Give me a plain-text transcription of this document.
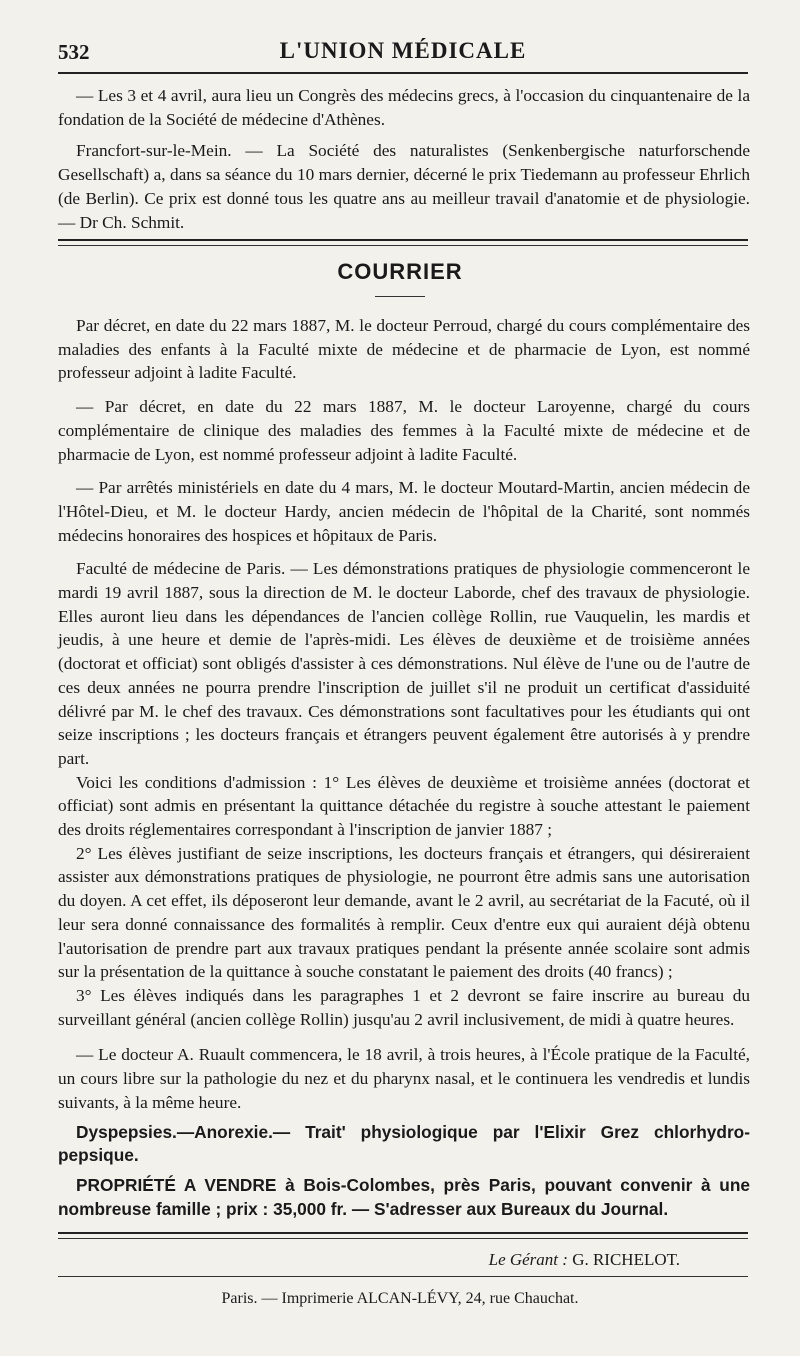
532	L'UNION MÉDICALE

— Les 3 et 4 avril, aura lieu un Congrès des médecins grecs, à l'occasion du cinquantenaire de la fondation de la Société de médecine d'Athènes.

Francfort-sur-le-Mein. — La Société des naturalistes (Senkenbergische naturforschende Gesellschaft) a, dans sa séance du 10 mars dernier, décerné le prix Tiedemann au professeur Ehrlich (de Berlin). Ce prix est donné tous les quatre ans au meilleur travail d'anatomie et de physiologie. — Dr Ch. Schmit.

COURRIER

Par décret, en date du 22 mars 1887, M. le docteur Perroud, chargé du cours complémentaire des maladies des enfants à la Faculté mixte de médecine et de pharmacie de Lyon, est nommé professeur adjoint à ladite Faculté.

— Par décret, en date du 22 mars 1887, M. le docteur Laroyenne, chargé du cours complémentaire de clinique des maladies des femmes à la Faculté mixte de médecine et de pharmacie de Lyon, est nommé professeur adjoint à ladite Faculté.

— Par arrêtés ministériels en date du 4 mars, M. le docteur Moutard-Martin, ancien médecin de l'Hôtel-Dieu, et M. le docteur Hardy, ancien médecin de l'hôpital de la Charité, sont nommés médecins honoraires des hospices et hôpitaux de Paris.

Faculté de médecine de Paris. — Les démonstrations pratiques de physiologie commenceront le mardi 19 avril 1887, sous la direction de M. le docteur Laborde, chef des travaux de physiologie. Elles auront lieu dans les dépendances de l'ancien collège Rollin, rue Vauquelin, les mardis et jeudis, à une heure et demie de l'après-midi. Les élèves de deuxième et de troisième années (doctorat et officiat) sont obligés d'assister à ces démonstrations. Nul élève de l'une ou de l'autre de ces deux années ne pourra prendre l'inscription de juillet s'il ne produit un certificat d'assiduité délivré par M. le chef des travaux. Ces démonstrations sont facultatives pour les étudiants qui ont seize inscriptions ; les docteurs français et étrangers peuvent également être autorisés à y prendre part.

Voici les conditions d'admission : 1° Les élèves de deuxième et troisième années (doctorat et officiat) sont admis en présentant la quittance détachée du registre à souche attestant le paiement des droits réglementaires correspondant à l'inscription de janvier 1887 ;

2° Les élèves justifiant de seize inscriptions, les docteurs français et étrangers, qui désireraient assister aux démonstrations pratiques de physiologie, ne pourront être admis sans une autorisation du doyen. A cet effet, ils déposeront leur demande, avant le 2 avril, au secrétariat de la Facuté, où il leur sera donné connaissance des formalités à remplir. Ceux d'entre eux qui auraient déjà obtenu l'autorisation de prendre part aux travaux pratiques pendant la présente année scolaire sont admis sur la présentation de la quittance à souche constatant le paiement des droits (40 francs) ;

3° Les élèves indiqués dans les paragraphes 1 et 2 devront se faire inscrire au bureau du surveillant général (ancien collège Rollin) jusqu'au 2 avril inclusivement, de midi à quatre heures.

— Le docteur A. Ruault commencera, le 18 avril, à trois heures, à l'École pratique de la Faculté, un cours libre sur la pathologie du nez et du pharynx nasal, et le continuera les vendredis et lundis suivants, à la même heure.

Dyspepsies.—Anorexie.— Trait' physiologique par l'Elixir Grez chlorhydro-pepsique.

PROPRIÉTÉ A VENDRE à Bois-Colombes, près Paris, pouvant convenir à une nombreuse famille ; prix : 35,000 fr. — S'adresser aux Bureaux du Journal.

Le Gérant : G. RICHELOT.
Paris. — Imprimerie ALCAN-LÉVY, 24, rue Chauchat.
